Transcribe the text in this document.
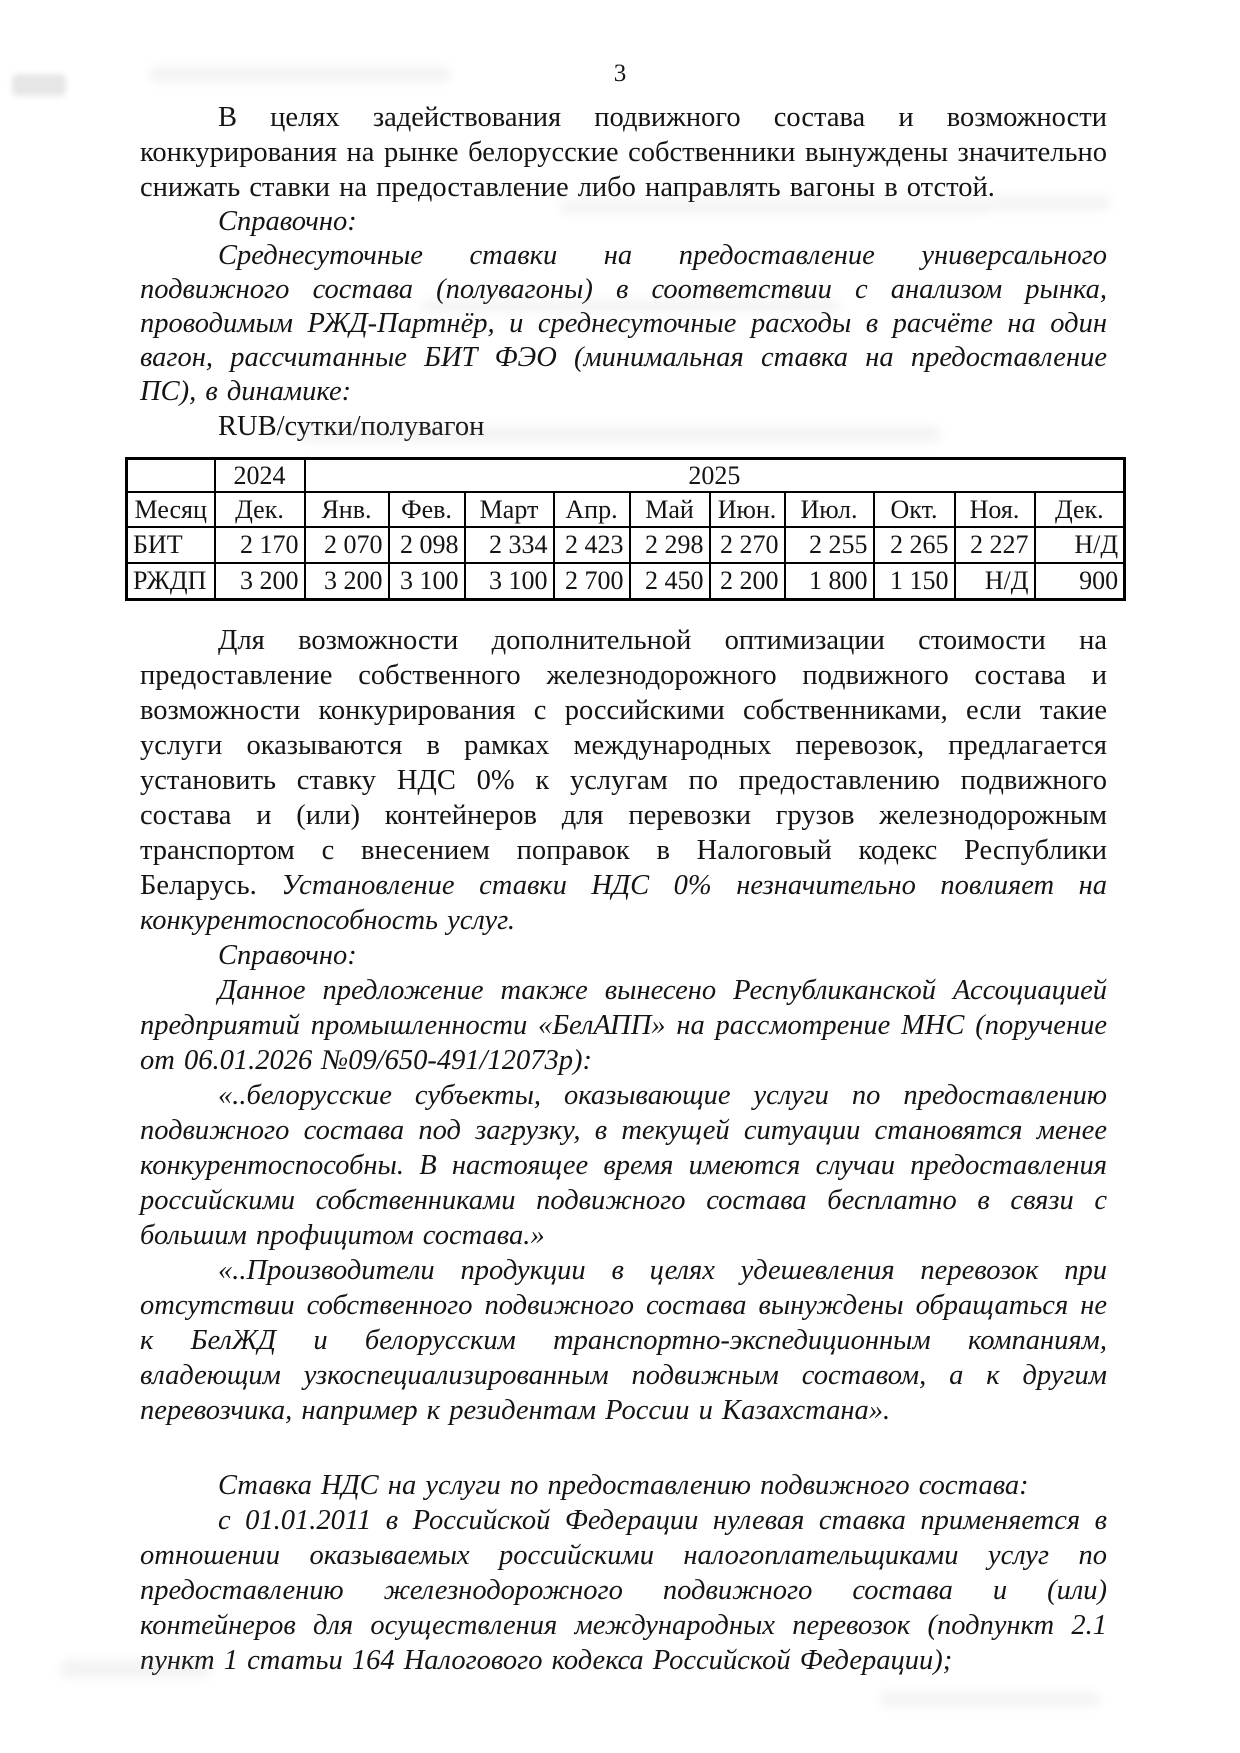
3

В целях задействования подвижного состава и возможности конкурирования на рынке белорусские собственники вынуждены значительно снижать ставки на предоставление либо направлять вагоны в отстой.

Справочно:

Среднесуточные ставки на предоставление универсального подвижного состава (полувагоны) в соответствии с анализом рынка, проводимым РЖД-Партнёр, и среднесуточные расходы в расчёте на один вагон, рассчитанные БИТ ФЭО (минимальная ставка на предоставление ПС), в динамике:

RUB/сутки/полувагон

	2024	2025									
Месяц	Дек.	Янв.	Фев.	Март	Апр.	Май	Июн.	Июл.	Окт.	Ноя.	Дек.
БИТ	2 170	2 070	2 098	2 334	2 423	2 298	2 270	2 255	2 265	2 227	Н/Д
РЖДП	3 200	3 200	3 100	3 100	2 700	2 450	2 200	1 800	1 150	Н/Д	900

Для возможности дополнительной оптимизации стоимости на предоставление собственного железнодорожного подвижного состава и возможности конкурирования с российскими собственниками, если такие услуги оказываются в рамках международных перевозок, предлагается установить ставку НДС 0% к услугам по предоставлению подвижного состава и (или) контейнеров для перевозки грузов железнодорожным транспортом с внесением поправок в Налоговый кодекс Республики Беларусь. Установление ставки НДС 0% незначительно повлияет на конкурентоспособность услуг.

Справочно:

Данное предложение также вынесено Республиканской Ассоциацией предприятий промышленности «БелАПП» на рассмотрение МНС (поручение от 06.01.2026 №09/650-491/12073р):

«..белорусские субъекты, оказывающие услуги по предоставлению подвижного состава под загрузку, в текущей ситуации становятся менее конкурентоспособны. В настоящее время имеются случаи предоставления российскими собственниками подвижного состава бесплатно в связи с большим профицитом состава.»

«..Производители продукции в целях удешевления перевозок при отсутствии собственного подвижного состава вынуждены обращаться не к БелЖД и белорусским транспортно-экспедиционным компаниям, владеющим узкоспециализированным подвижным составом, а к другим перевозчика, например к резидентам России и Казахстана».

Ставка НДС на услуги по предоставлению подвижного состава:

с 01.01.2011 в Российской Федерации нулевая ставка применяется в отношении оказываемых российскими налогоплательщиками услуг по предоставлению железнодорожного подвижного состава и (или) контейнеров для осуществления международных перевозок (подпункт 2.1 пункт 1 статьи 164 Налогового кодекса Российской Федерации);
